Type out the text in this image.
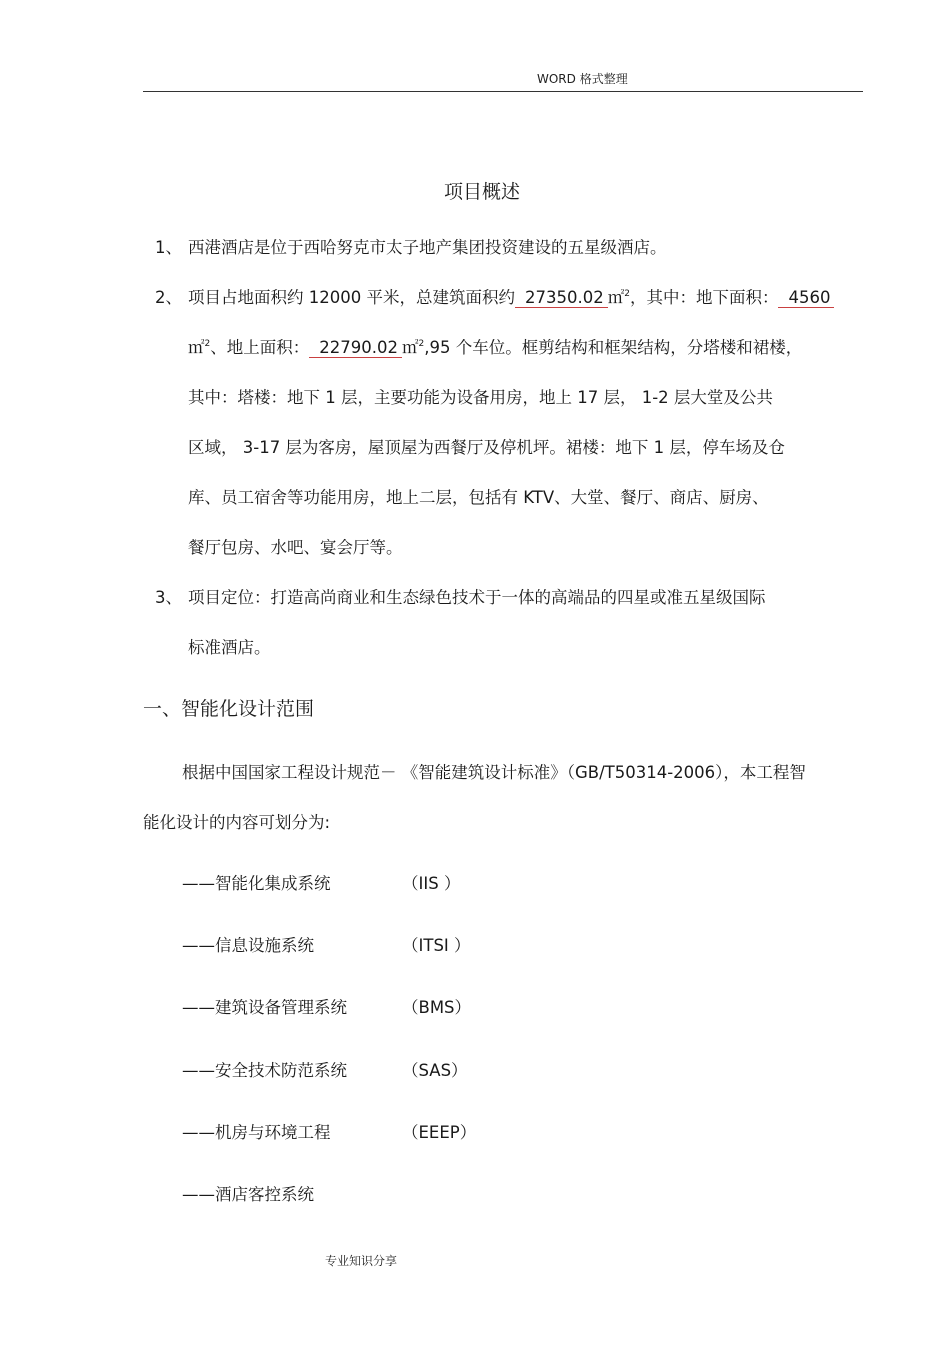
WORD 格式整理
项目概述
1、 西港酒店是位于西哈努克市太子地产集团投资建设的五星级酒店。
2、 项目占地面积约 12000 平米，总建筑面积约 27350.02 ㎡$^2$，其中：地下面积： 4560
㎡$^2$、地上面积： 22790.02 ㎡$^2$,95 个车位。框剪结构和框架结构，分塔楼和裙楼，
其中：塔楼：地下 1 层，主要功能为设备用房，地上 17 层， 1-2 层大堂及公共
区域， 3-17 层为客房，屋顶屋为西餐厅及停机坪。裙楼：地下 1 层，停车场及仓
库、员工宿舍等功能用房，地上二层，包括有 KTV、大堂、餐厅、商店、厨房、
餐厅包房、水吧、宴会厅等。
3、 项目定位：打造高尚商业和生态绿色技术于一体的高端品的四星或准五星级国际
标准酒店。
一、智能化设计范围
根据中国国家工程设计规范－ 《智能建筑设计标准》（GB/T50314-2006），本工程智
能化设计的内容可划分为:
——智能化集成系统	（IIS ）
——信息设施系统	（ITSI ）
——建筑设备管理系统	（BMS）
——安全技术防范系统	（SAS）
——机房与环境工程	（EEEP）
——酒店客控系统
专业知识分享
